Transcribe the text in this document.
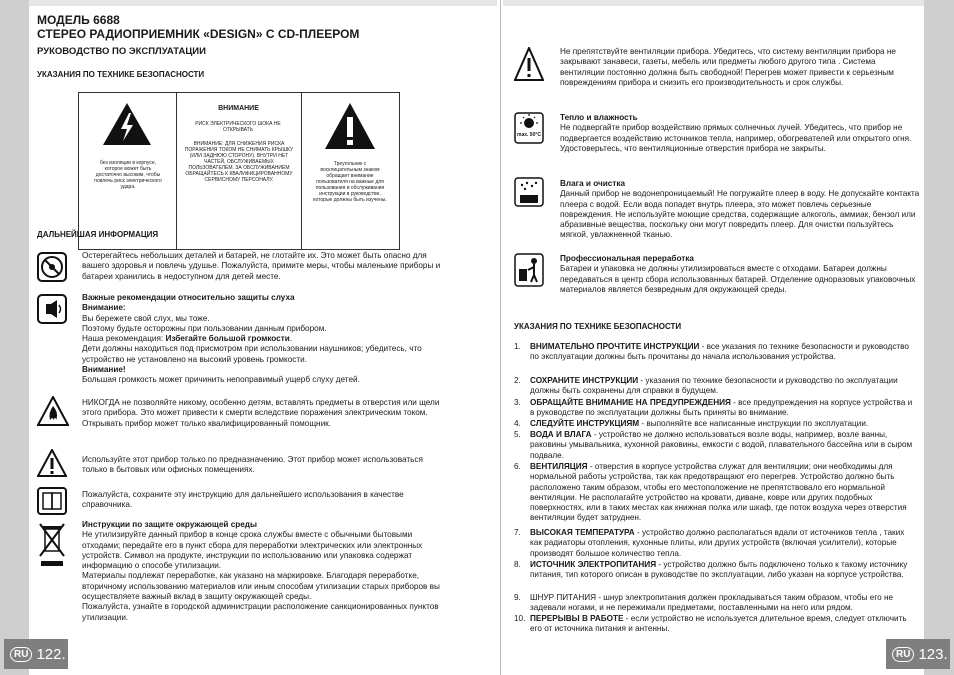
МОДЕЛЬ 6688
СТЕРЕО РАДИОПРИЕМНИК «DESIGN» С CD-ПЛЕЕРОМ
РУКОВОДСТВО ПО ЭКСПЛУАТАЦИИ
УКАЗАНИЯ ПО ТЕХНИКЕ БЕЗОПАСНОСТИ
без изоляции в корпусе, которое может быть достаточно высоким, чтобы повлечь риск электрического удара.
ВНИМАНИЕ
РИСК ЭЛЕКТРИЧЕСКОГО ШОКА НЕ ОТКРЫВАТЬ
ВНИМАНИЕ: ДЛЯ СНИЖЕНИЯ РИСКА ПОРАЖЕНИЯ ТОКОМ НЕ СНИМАТЬ КРЫШКУ (ИЛИ ЗАДНЮЮ СТОРОНУ). ВНУТРИ НЕТ ЧАСТЕЙ, ОБСЛУЖИВАЕМЫХ ПОЛЬЗОВАТЕЛЕМ. ЗА ОБСЛУЖИВАНИЕМ ОБРАЩАЙТЕСЬ К КВАЛИФИЦИРОВАННОМУ СЕРВИСНОМУ ПЕРСОНАЛУ.
Треугольник с восклицательным знаком обращает внимание пользователя на важные для пользования и обслуживания инструкции в руководстве, которые должны быть изучены.
ДАЛЬНЕЙШАЯ ИНФОРМАЦИЯ
Остерегайтесь небольших деталей и батарей, не глотайте их. Это может быть опасно для вашего здоровья и повлечь удушье. Пожалуйста, примите меры, чтобы маленькие приборы и батареи хранились в недоступном для детей месте.
Важные рекомендации относительно защиты слуха
Внимание:
Вы бережете свой слух, мы тоже.
Поэтому будьте осторожны при пользовании данным прибором.
Наша рекомендация: Избегайте большой громкости.
Дети должны находиться под присмотром при использовании наушников; убедитесь, что устройство не установлено на высокий уровень громкости.
Внимание!
Большая громкость может причинить непоправимый ущерб слуху детей.
НИКОГДА не позволяйте никому, особенно детям, вставлять предметы в отверстия или щели этого прибора. Это может привести к смерти вследствие поражения электрическим током. Открывать прибор может только квалифицированный помощник.
Используйте этот прибор только по предназначению. Этот прибор может использоваться только в бытовых или офисных помещениях.
Пожалуйста, сохраните эту инструкцию для дальнейшего использования в качестве справочника.
Инструкции по защите окружающей среды
Не утилизируйте данный прибор в конце срока службы вместе с обычными бытовыми отходами; передайте его в пункт сбора для переработки электрических или электронных устройств. Символ на продукте, инструкции по использованию или упаковка содержат информацию о способе утилизации.
Материалы подлежат переработке, как указано на маркировке. Благодаря переработке, вторичному использованию материалов или иным способам утилизации старых приборов вы осуществляете важный вклад в защиту окружающей среды.
Пожалуйста, узнайте в городской администрации расположение санкционированных пунктов утилизации.
RU 122.
Не препятствуйте вентиляции прибора. Убедитесь, что систему вентиляции прибора не закрывают занавеси, газеты, мебель или предметы любого другого типа . Система вентиляции постоянно должна быть свободной! Перегрев может привести к серьезным повреждениям прибора и снизить его производительность и срок службы.
max. 50°C
Тепло и влажность
Не подвергайте прибор воздействию прямых солнечных лучей. Убедитесь, что прибор не подвергается воздействию источников тепла, например, обогревателей или открытого огня. Удостоверьтесь, что вентиляционные отверстия прибора не закрыты.
Влага и очистка
Данный прибор не водонепроницаемый! Не погружайте плеер в воду. Не допускайте контакта плеера с водой. Если вода попадет внутрь плеера, это может повлечь серьезные повреждения. Не используйте моющие средства, содержащие алкоголь, аммиак, бензол или абразивные вещества, поскольку они могут повредить плеер. Для очистки пользуйтесь мягкой, увлажненной тканью.
Профессиональная переработка
Батареи и упаковка не должны утилизироваться вместе с отходами. Батареи должны передаваться в центр сбора использованных батарей. Отделение одноразовых упаковочных материалов является безвредным для окружающей среды.
УКАЗАНИЯ ПО ТЕХНИКЕ БЕЗОПАСНОСТИ
1. ВНИМАТЕЛЬНО ПРОЧТИТЕ ИНСТРУКЦИИ - все указания по технике безопасности и руководство по эксплуатации должны быть прочитаны до начала использования устройства.
2. СОХРАНИТЕ ИНСТРУКЦИИ - указания по технике безопасности и руководство по эксплуатации должны быть сохранены для справки в будущем.
3. ОБРАЩАЙТЕ ВНИМАНИЕ НА ПРЕДУПРЕЖДЕНИЯ - все предупреждения на корпусе устройства и в руководстве по эксплуатации должны быть приняты во внимание.
4. СЛЕДУЙТЕ ИНСТРУКЦИЯМ - выполняйте все написанные инструкции по эксплуатации.
5. ВОДА И ВЛАГА - устройство не должно использоваться возле воды, например, возле ванны, раковины умывальника, кухонной раковины, емкости с водой, плавательного бассейна или в сыром подвале.
6. ВЕНТИЛЯЦИЯ - отверстия в корпусе устройства служат для вентиляции; они необходимы для нормальной работы устройства, так как предотвращают его перегрев. Устройство должно быть расположено таким образом, чтобы его местоположение не препятствовало его нормальной вентиляции. Не располагайте устройство на кровати, диване, ковре или других подобных поверхностях, или в таких местах как книжная полка или шкаф, где поток воздуха через отверстия вентиляции будет затруднен.
7. ВЫСОКАЯ ТЕМПЕРАТУРА - устройство должно располагаться вдали от источников тепла , таких как радиаторы отопления, кухонные плиты, или других устройств (включая усилители), которые производят большое количество тепла.
8. ИСТОЧНИК ЭЛЕКТРОПИТАНИЯ - устройство должно быть подключено только к такому источнику питания, тип которого описан в руководстве по эксплуатации, либо указан на корпусе устройства.
9. ШНУР ПИТАНИЯ - шнур электропитания должен прокладываться таким образом, чтобы его не задевали ногами, и не пережимали предметами, поставленными на него или рядом.
10. ПЕРЕРЫВЫ В РАБОТЕ - если устройство не используется длительное время, следует отключить его от источника питания и антенны.
RU 123.
